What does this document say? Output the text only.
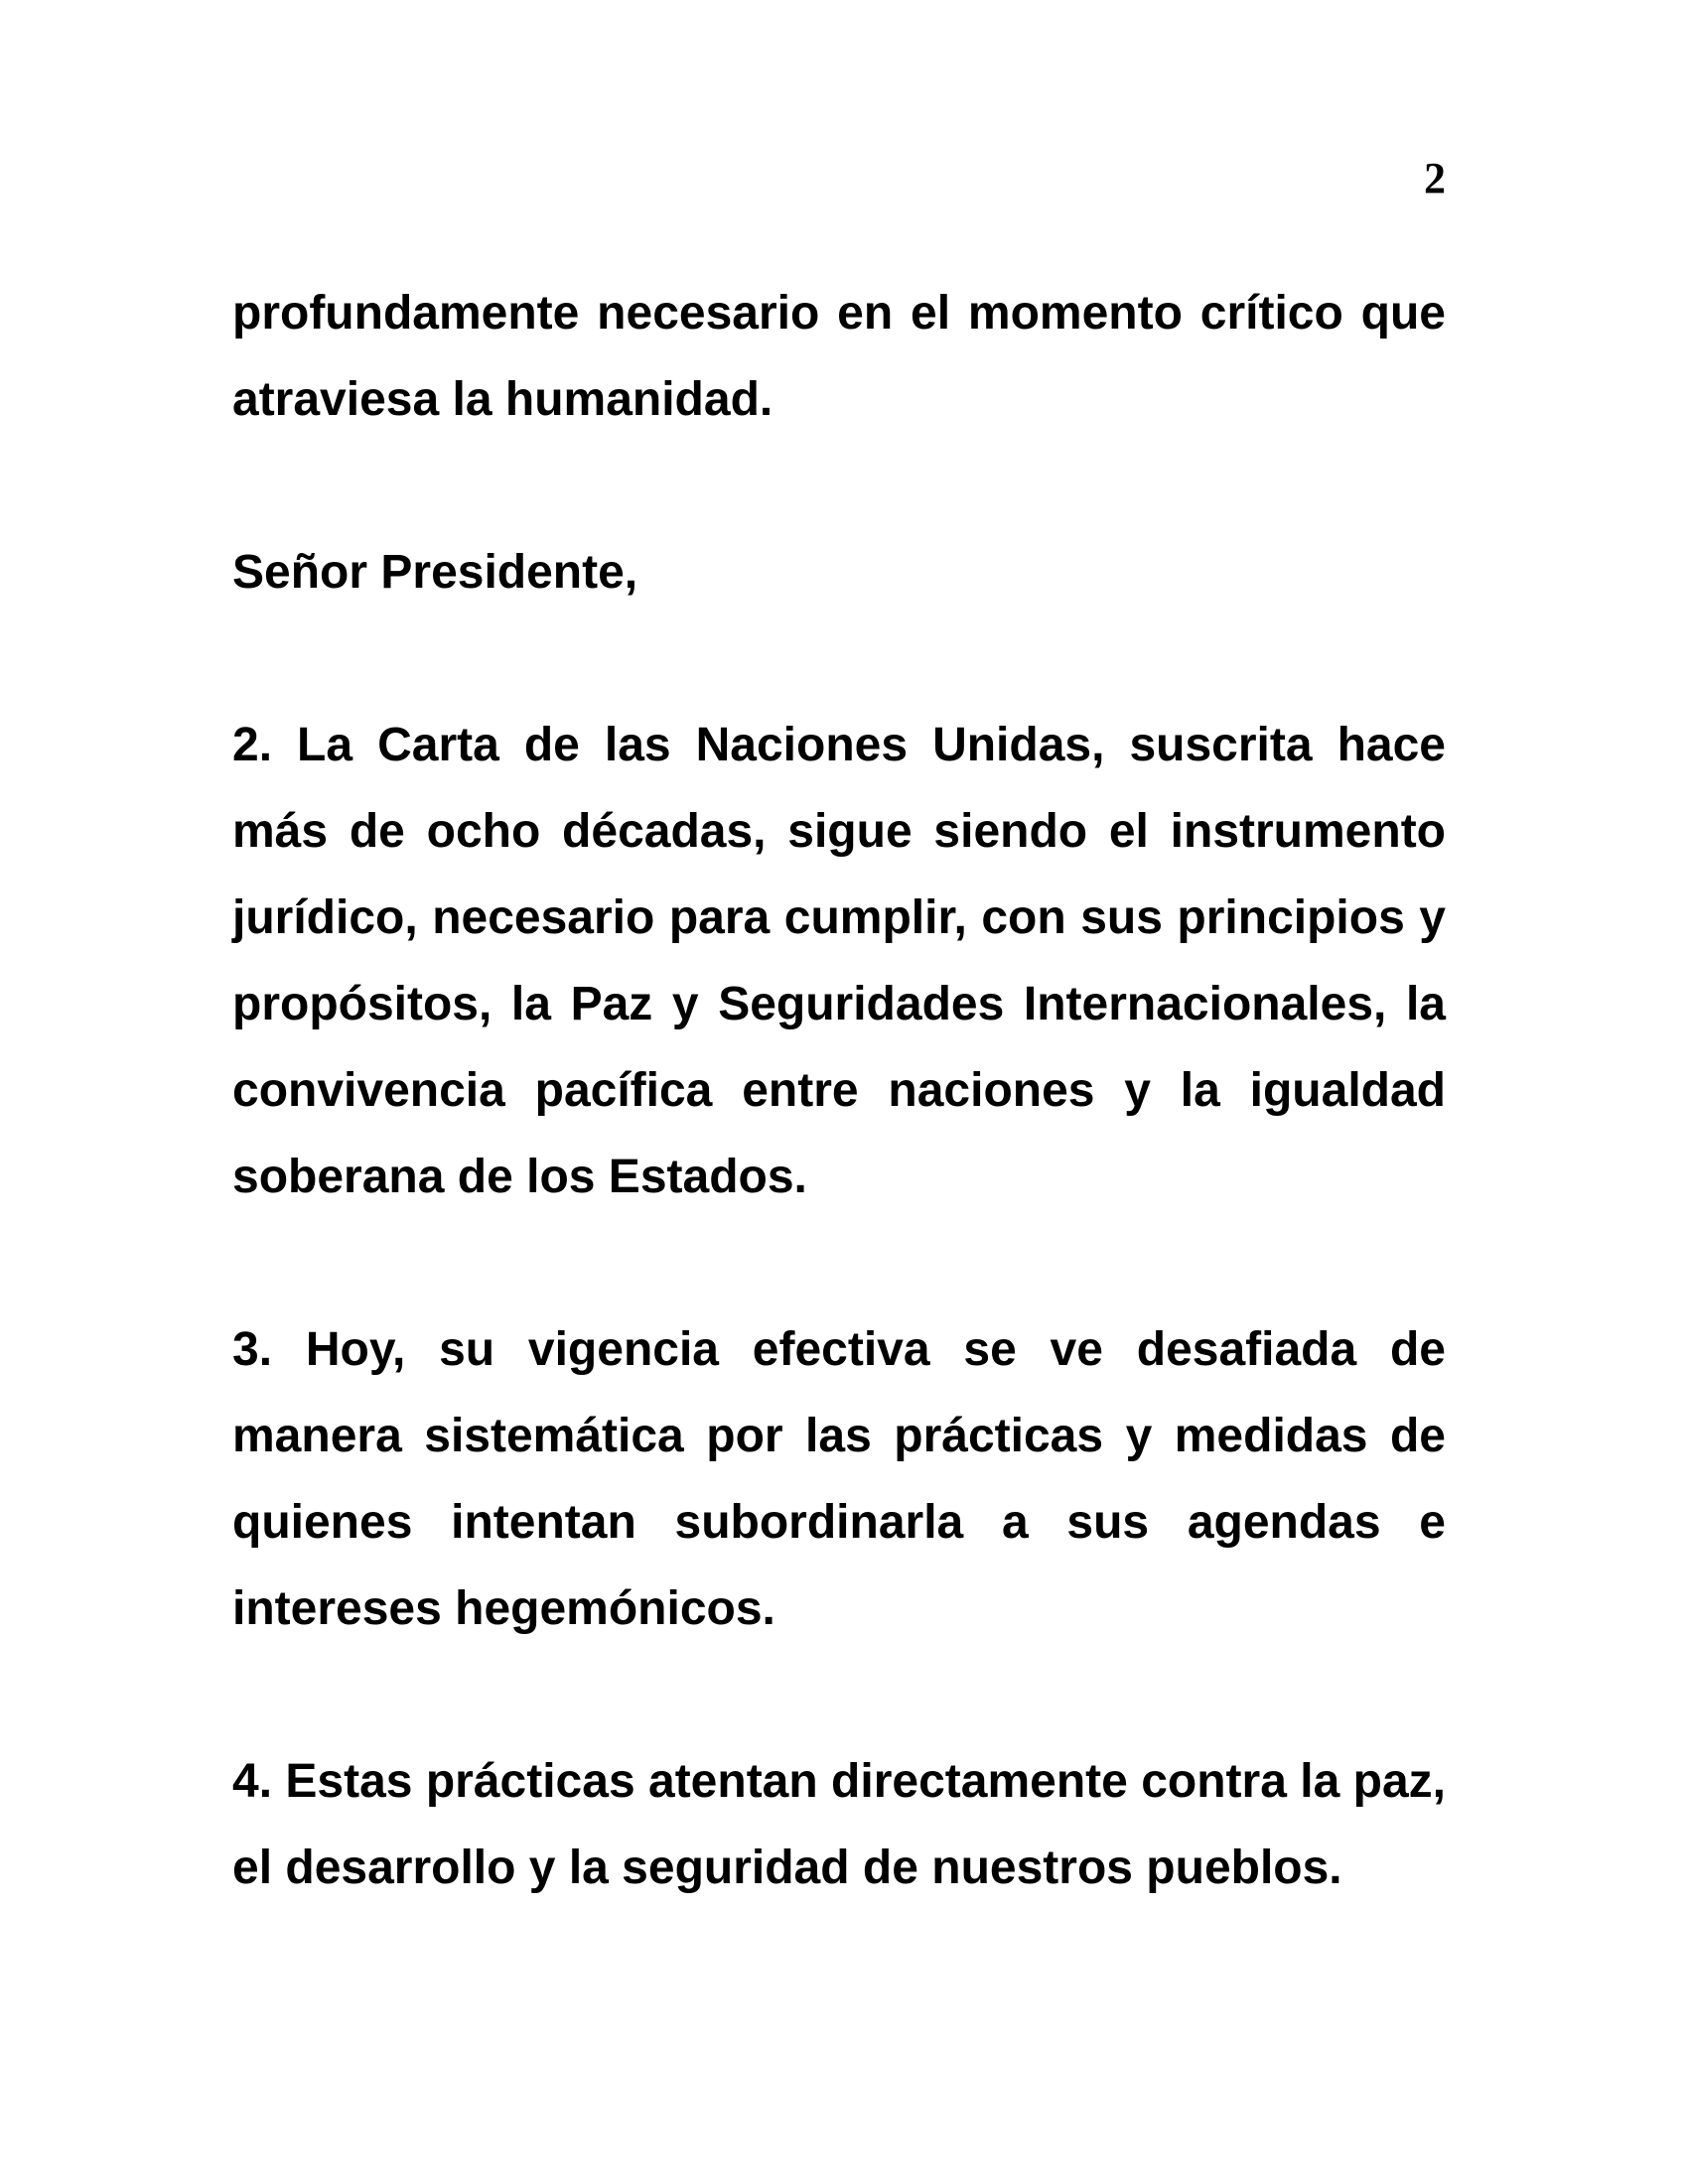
2

profundamente necesario en el momento crítico que atraviesa la humanidad.

Señor Presidente,

2. La Carta de las Naciones Unidas, suscrita hace más de ocho décadas, sigue siendo el instrumento jurídico, necesario para cumplir, con sus principios y propósitos, la Paz y Seguridades Internacionales, la convivencia pacífica entre naciones y la igualdad soberana de los Estados.

3. Hoy, su vigencia efectiva se ve desafiada de manera sistemática por las prácticas y medidas de quienes intentan subordinarla a sus agendas e intereses hegemónicos.

4. Estas prácticas atentan directamente contra la paz, el desarrollo y la seguridad de nuestros pueblos.
